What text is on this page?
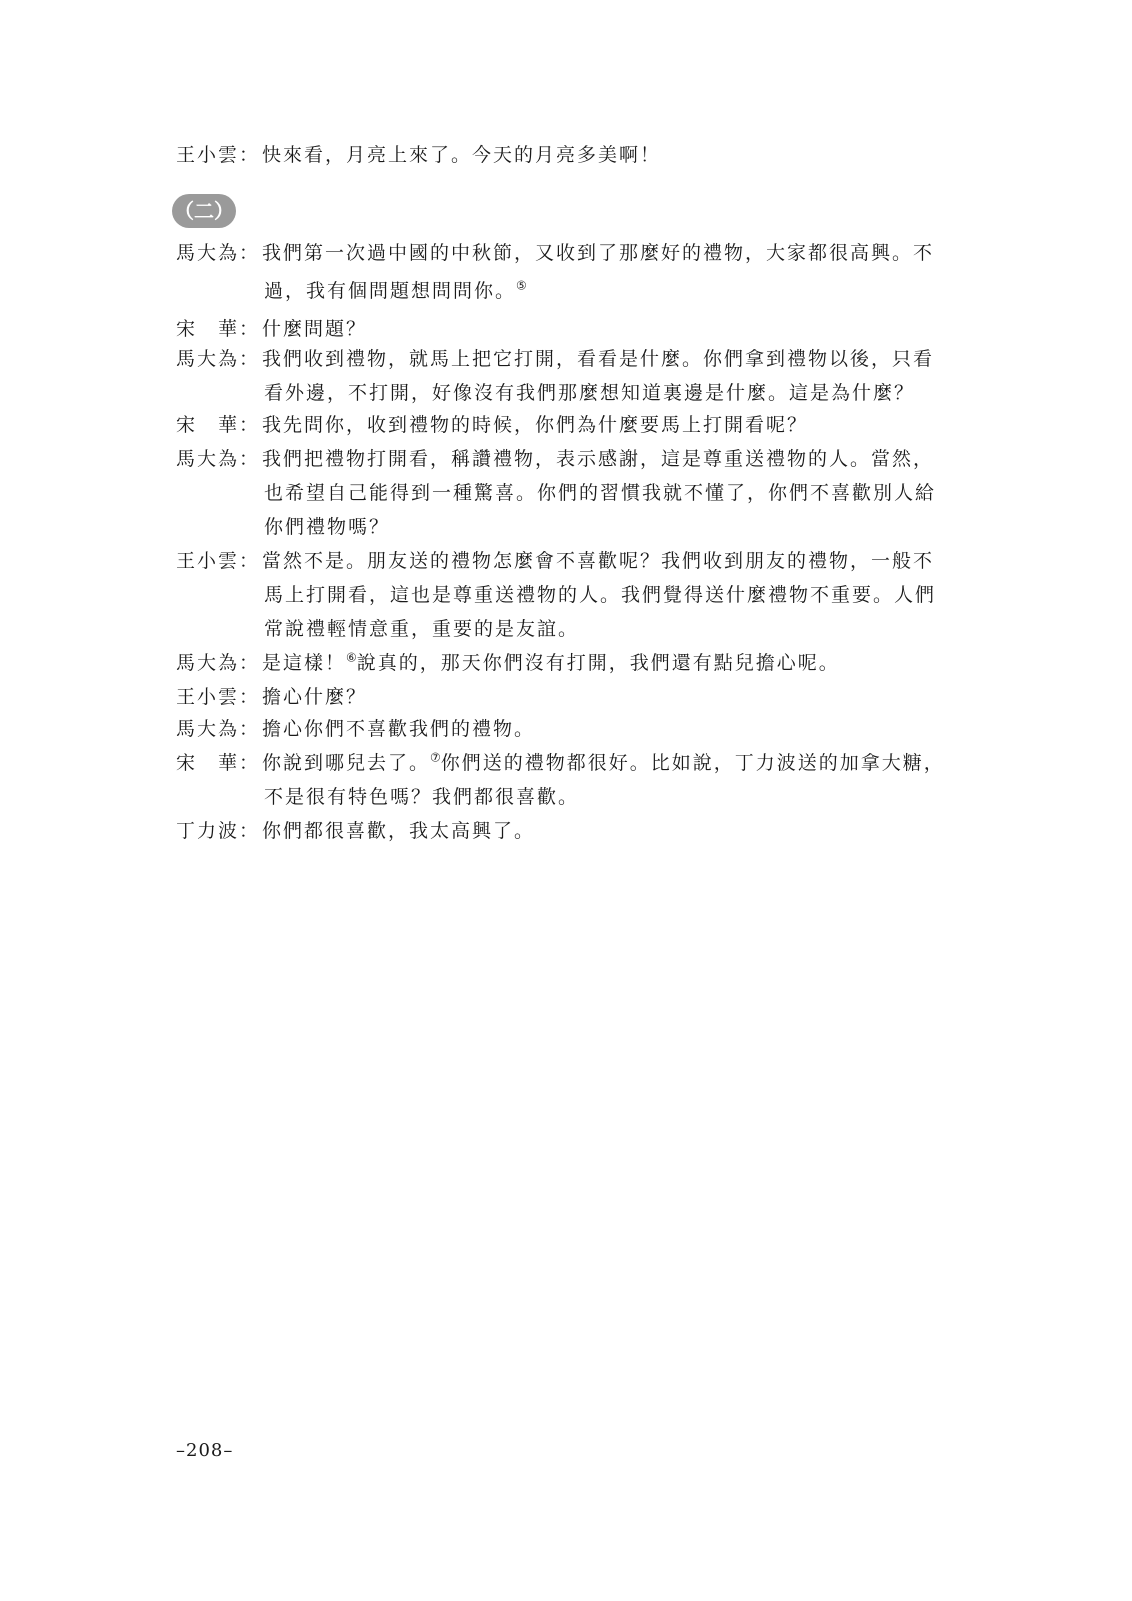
王小雲： 快來看，月亮上來了。今天的月亮多美啊！
（二）
馬大為： 我們第一次過中國的中秋節，又收到了那麼好的禮物，大家都很高興。不
過，我有個問題想問問你。⑤
宋　華： 什麼問題？
馬大為： 我們收到禮物，就馬上把它打開，看看是什麼。你們拿到禮物以後，只看
看外邊，不打開，好像沒有我們那麼想知道裏邊是什麼。這是為什麼？
宋　華： 我先問你，收到禮物的時候，你們為什麼要馬上打開看呢？
馬大為： 我們把禮物打開看，稱讚禮物，表示感謝，這是尊重送禮物的人。當然，
也希望自己能得到一種驚喜。你們的習慣我就不懂了，你們不喜歡別人給
你們禮物嗎？
王小雲： 當然不是。朋友送的禮物怎麼會不喜歡呢？我們收到朋友的禮物，一般不
馬上打開看，這也是尊重送禮物的人。我們覺得送什麼禮物不重要。人們
常說禮輕情意重，重要的是友誼。
馬大為： 是這樣！⑥說真的，那天你們沒有打開，我們還有點兒擔心呢。
王小雲： 擔心什麼？
馬大為： 擔心你們不喜歡我們的禮物。
宋　華： 你說到哪兒去了。⑦你們送的禮物都很好。比如說，丁力波送的加拿大糖，
不是很有特色嗎？我們都很喜歡。
丁力波： 你們都很喜歡，我太高興了。
–208–
